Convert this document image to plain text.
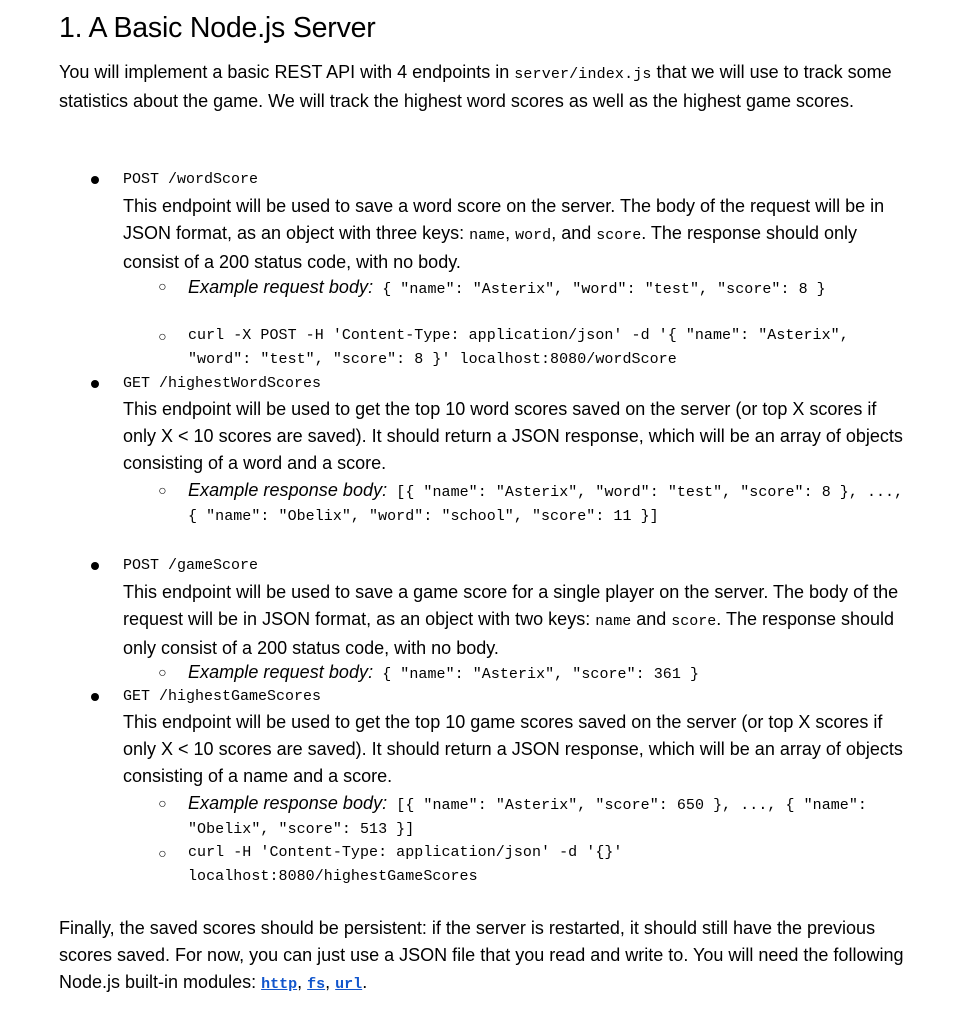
1. A Basic Node.js Server

You will implement a basic REST API with 4 endpoints in server/index.js that we will use to track some statistics about the game. We will track the highest word scores as well as the highest game scores.

POST /wordScore

This endpoint will be used to save a word score on the server. The body of the request will be in JSON format, as an object with three keys: name, word, and score. The response should only consist of a 200 status code, with no body.

○ Example request body: { "name": "Asterix", "word": "test", "score": 8 }

○ curl -X POST -H 'Content-Type: application/json' -d '{ "name": "Asterix", "word": "test", "score": 8 }' localhost:8080/wordScore

GET /highestWordScores

This endpoint will be used to get the top 10 word scores saved on the server (or top X scores if only X < 10 scores are saved). It should return a JSON response, which will be an array of objects consisting of a word and a score.

○ Example response body: [{ "name": "Asterix", "word": "test", "score": 8 }, ..., { "name": "Obelix", "word": "school", "score": 11 }]

POST /gameScore

This endpoint will be used to save a game score for a single player on the server. The body of the request will be in JSON format, as an object with two keys: name and score. The response should only consist of a 200 status code, with no body.

○ Example request body: { "name": "Asterix", "score": 361 }

GET /highestGameScores

This endpoint will be used to get the top 10 game scores saved on the server (or top X scores if only X < 10 scores are saved). It should return a JSON response, which will be an array of objects consisting of a name and a score.

○ Example response body: [{ "name": "Asterix", "score": 650 }, ..., { "name": "Obelix", "score": 513 }]

○ curl -H 'Content-Type: application/json' -d '{}' localhost:8080/highestGameScores

Finally, the saved scores should be persistent: if the server is restarted, it should still have the previous scores saved. For now, you can just use a JSON file that you read and write to. You will need the following Node.js built-in modules: http, fs, url.
